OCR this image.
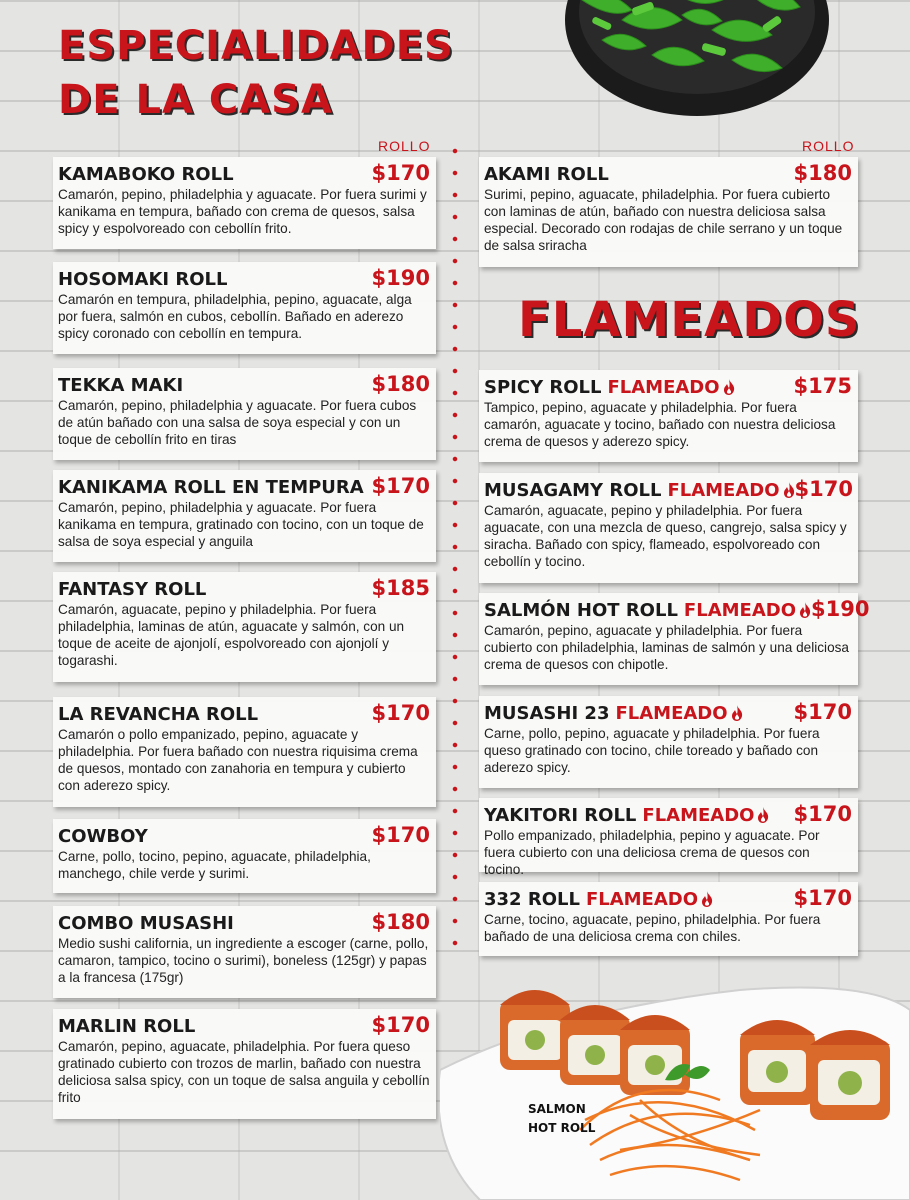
ESPECIALIDADES
DE LA CASA
FLAMEADOS
ROLLO	ROLLO
KAMABOKO ROLL	$170
Camarón, pepino, philadelphia y aguacate. Por fuera surimi y kanikama en tempura, bañado con crema de quesos, salsa spicy y espolvoreado con cebollín frito.
HOSOMAKI ROLL	$190
Camarón en tempura, philadelphia, pepino, aguacate, alga por fuera, salmón en cubos, cebollín. Bañado en aderezo spicy coronado con cebollín en tempura.
TEKKA MAKI	$180
Camarón, pepino, philadelphia y aguacate. Por fuera cubos de atún bañado con una salsa de soya especial y con un toque de cebollín frito en tiras
KANIKAMA ROLL EN TEMPURA $170
Camarón, pepino, philadelphia y aguacate. Por fuera kanikama en tempura, gratinado con tocino, con un toque de salsa de soya especial y anguila
FANTASY ROLL	$185
Camarón, aguacate, pepino y philadelphia. Por fuera philadelphia, laminas de atún, aguacate y salmón, con un toque de aceite de ajonjolí, espolvoreado con ajonjolí y togarashi.
LA REVANCHA ROLL	$170
Camarón o pollo empanizado, pepino, aguacate y philadelphia. Por fuera bañado con nuestra riquisima crema de quesos, montado con zanahoria en tempura y cubierto con aderezo spicy.
COWBOY	$170
Carne, pollo, tocino, pepino, aguacate, philadelphia, manchego, chile verde y surimi.
COMBO MUSASHI	$180
Medio sushi california, un ingrediente a escoger (carne, pollo, camaron, tampico, tocino o surimi), boneless (125gr) y papas a la francesa (175gr)
MARLIN ROLL	$170
Camarón, pepino, aguacate, philadelphia. Por fuera queso gratinado cubierto con trozos de marlin, bañado con nuestra deliciosa salsa spicy, con un toque de salsa anguila y cebollín frito
AKAMI ROLL	$180
Surimi, pepino, aguacate, philadelphia. Por fuera cubierto con laminas de atún, bañado con nuestra deliciosa salsa especial. Decorado con rodajas de chile serrano y un toque de salsa sriracha
SPICY ROLL FLAMEADO	$175
Tampico, pepino, aguacate y philadelphia. Por fuera camarón, aguacate y tocino, bañado con nuestra deliciosa crema de quesos y aderezo spicy.
MUSAGAMY ROLL FLAMEADO $170
Camarón, aguacate, pepino y philadelphia. Por fuera aguacate, con una mezcla de queso, cangrejo, salsa spicy y siracha. Bañado con spicy, flameado, espolvoreado con cebollín y tocino.
SALMÓN HOT ROLL FLAMEADO $190
Camarón, pepino, aguacate y philadelphia. Por fuera cubierto con philadelphia, laminas de salmón y una deliciosa crema de quesos con chipotle.
MUSASHI 23 FLAMEADO	$170
Carne, pollo, pepino, aguacate y philadelphia. Por fuera queso gratinado con tocino, chile toreado y bañado con aderezo spicy.
YAKITORI ROLL FLAMEADO	$170
Pollo empanizado, philadelphia, pepino y aguacate. Por fuera cubierto con una deliciosa crema de quesos con tocino.
332 ROLL FLAMEADO	$170
Carne, tocino, aguacate, pepino, philadelphia. Por fuera bañado de una deliciosa crema con chiles.
SALMON
HOT ROLL
